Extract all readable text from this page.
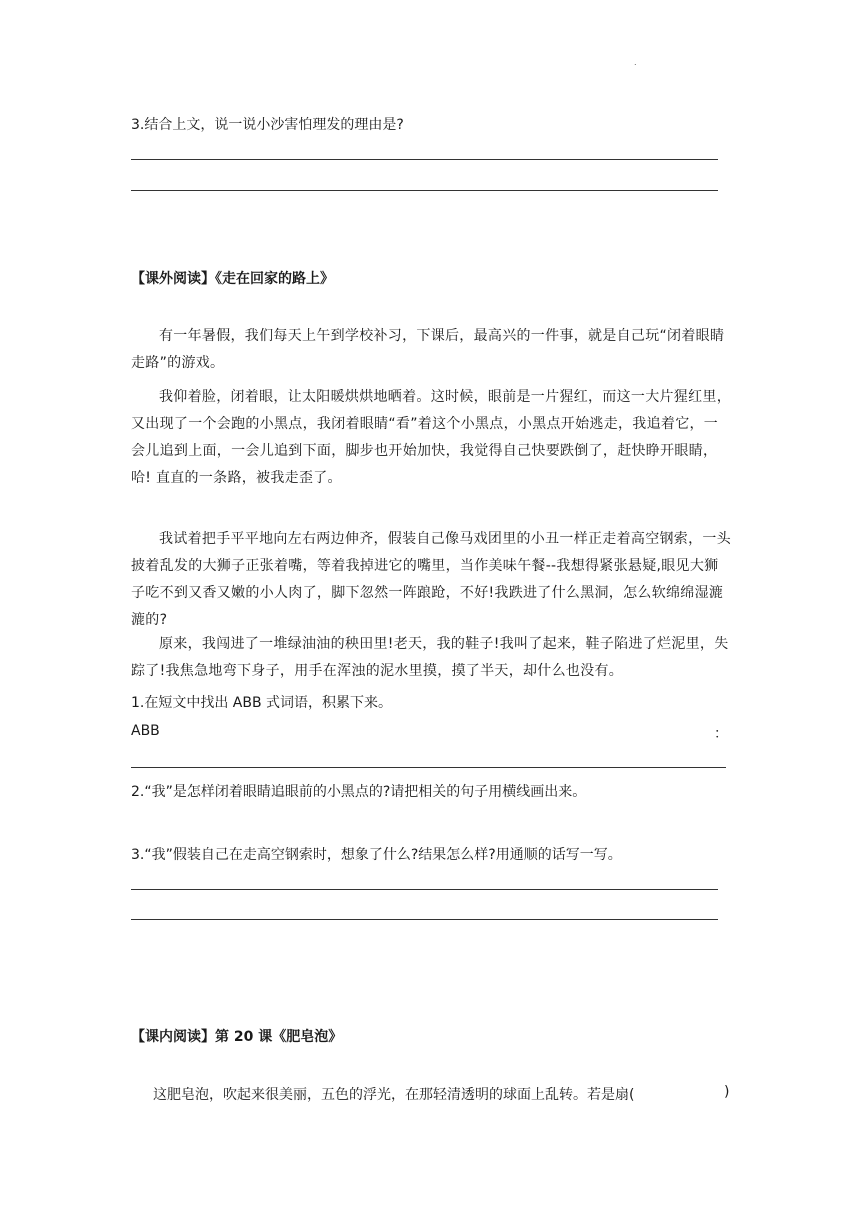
.
3.结合上文，说一说小沙害怕理发的理由是?
【课外阅读】《走在回家的路上》
有一年暑假，我们每天上午到学校补习，下课后，最高兴的一件事，就是自己玩“闭着眼睛走路”的游戏。
我仰着脸，闭着眼，让太阳暖烘烘地晒着。这时候，眼前是一片猩红，而这一大片猩红里，又出现了一个会跑的小黑点，我闭着眼睛“看”着这个小黑点，小黑点开始逃走，我追着它，一会儿追到上面，一会儿追到下面，脚步也开始加快，我觉得自己快要跌倒了，赶快睁开眼睛，哈! 直直的一条路，被我走歪了。
我试着把手平平地向左右两边伸齐，假装自己像马戏团里的小丑一样正走着高空钢索，一头披着乱发的大狮子正张着嘴，等着我掉进它的嘴里，当作美味午餐--我想得紧张悬疑,眼见大狮子吃不到又香又嫩的小人肉了，脚下忽然一阵踉跄，不好!我跌进了什么黑洞，怎么软绵绵湿漉漉的?
原来，我闯进了一堆绿油油的秧田里!老天，我的鞋子!我叫了起来，鞋子陷进了烂泥里，失踪了!我焦急地弯下身子，用手在浑浊的泥水里摸，摸了半天，却什么也没有。
1.在短文中找出 ABB 式词语，积累下来。
ABB	：
2.“我”是怎样闭着眼睛追眼前的小黑点的?请把相关的句子用横线画出来。
3.“我”假装自己在走高空钢索时，想象了什么?结果怎么样?用通顺的话写一写。
【课内阅读】第 20 课《肥皂泡》
这肥皂泡，吹起来很美丽，五色的浮光，在那轻清透明的球面上乱转。若是扇(	)
